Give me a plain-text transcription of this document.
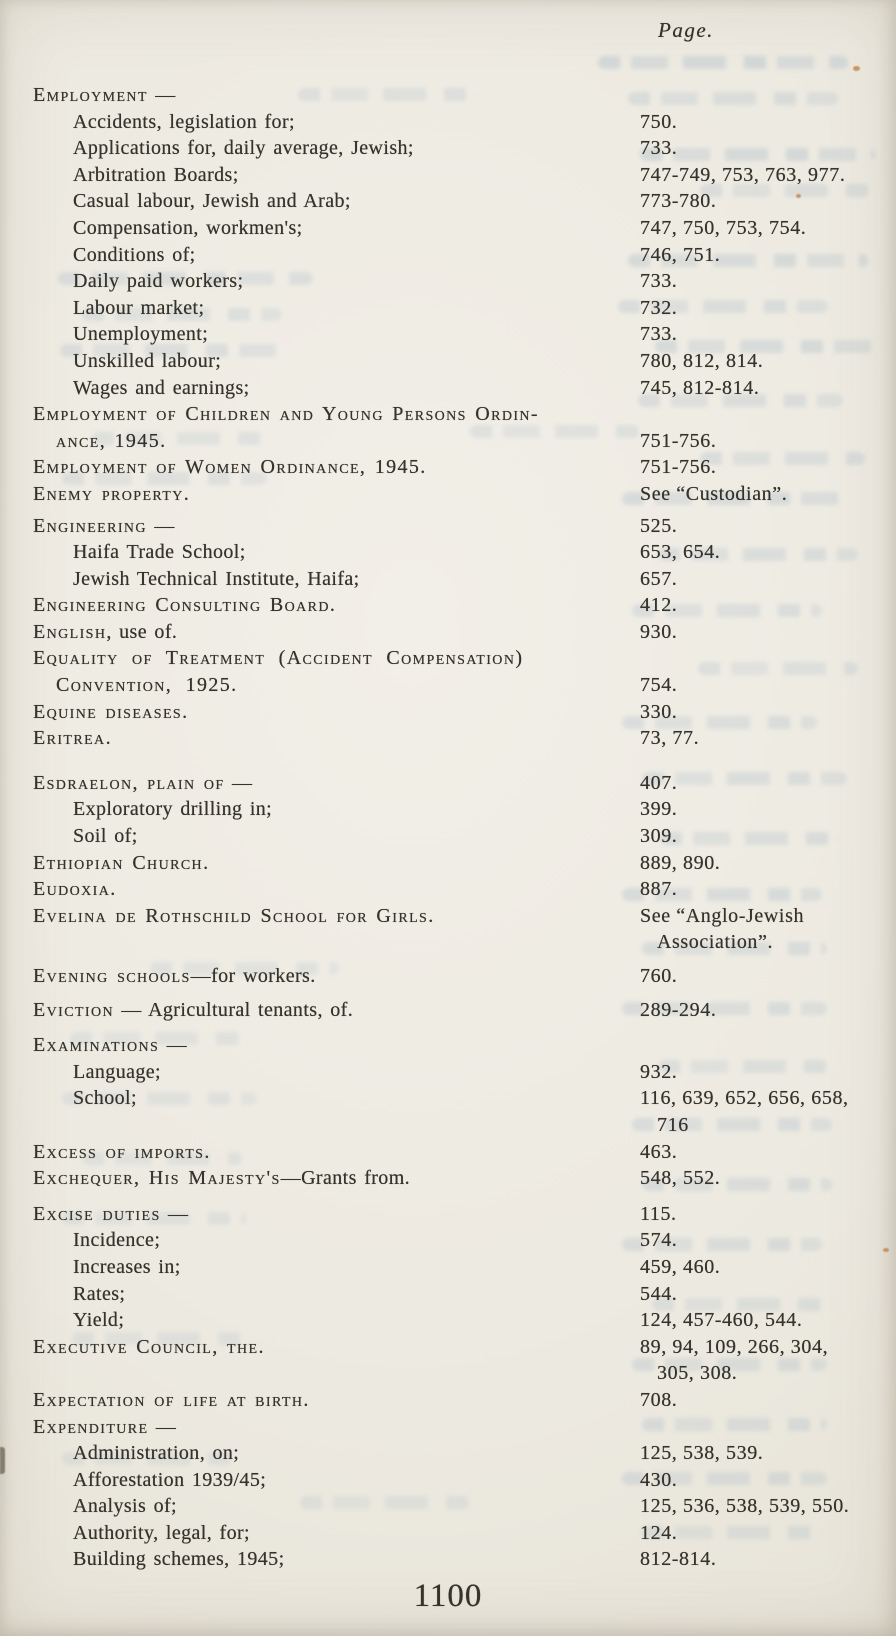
Page.
Employment —
Accidents, legislation for;	750.
Applications for, daily average, Jewish;	733.
Arbitration Boards;	747-749, 753, 763, 977.
Casual labour, Jewish and Arab;	773-780.
Compensation, workmen's;	747, 750, 753, 754.
Conditions of;	746, 751.
Daily paid workers;	733.
Labour market;	732.
Unemployment;	733.
Unskilled labour;	780, 812, 814.
Wages and earnings;	745, 812-814.
Employment of Children and Young Persons Ordin-
ance, 1945.	751-756.
Employment of Women Ordinance, 1945.	751-756.
Enemy property.	See “Custodian”.
Engineering —	525.
Haifa Trade School;	653, 654.
Jewish Technical Institute, Haifa;	657.
Engineering Consulting Board.	412.
English, use of.	930.
Equality of Treatment (Accident Compensation)
Convention, 1925.	754.
Equine diseases.	330.
Eritrea.	73, 77.
Esdraelon, plain of —	407.
Exploratory drilling in;	399.
Soil of;	309.
Ethiopian Church.	889, 890.
Eudoxia.	887.
Evelina de Rothschild School for Girls.	See “Anglo-Jewish
Association”.
Evening schools—for workers.	760.
Eviction — Agricultural tenants, of.	289-294.
Examinations —
Language;	932.
School;	116, 639, 652, 656, 658,
716
Excess of imports.	463.
Exchequer, His Majesty's—Grants from.	548, 552.
Excise duties —	115.
Incidence;	574.
Increases in;	459, 460.
Rates;	544.
Yield;	124, 457-460, 544.
Executive Council, the.	89, 94, 109, 266, 304,
305, 308.
Expectation of life at birth.	708.
Expenditure —
Administration, on;	125, 538, 539.
Afforestation 1939/45;	430.
Analysis of;	125, 536, 538, 539, 550.
Authority, legal, for;	124.
Building schemes, 1945;	812-814.
1100
